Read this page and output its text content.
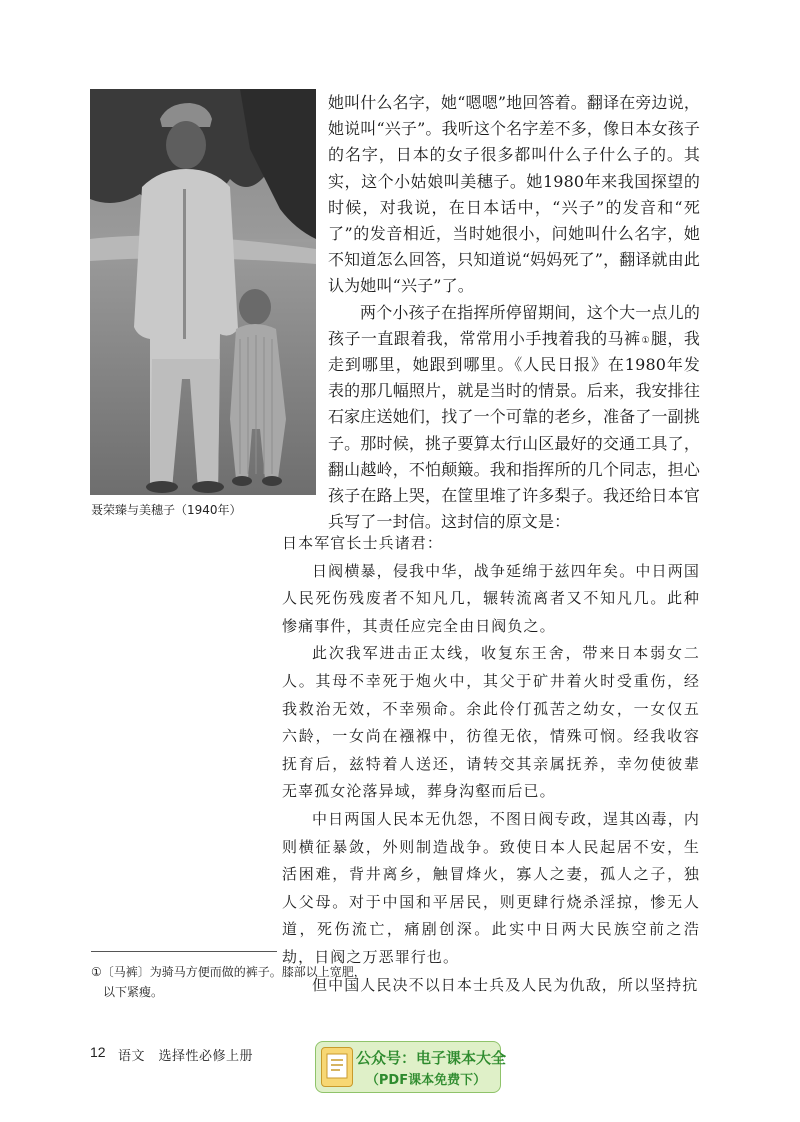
聂荣臻与美穗子（1940年）

她叫什么名字，她“嗯嗯”地回答着。翻译在旁边说，她说叫“兴子”。我听这个名字差不多，像日本女孩子的名字，日本的女子很多都叫什么子什么子的。其实，这个小姑娘叫美穗子。她1980年来我国探望的时候，对我说，在日本话中，“兴子”的发音和“死了”的发音相近，当时她很小，问她叫什么名字，她不知道怎么回答，只知道说“妈妈死了”，翻译就由此认为她叫“兴子”了。

两个小孩子在指挥所停留期间，这个大一点儿的孩子一直跟着我，常常用小手拽着我的马裤①腿，我走到哪里，她跟到哪里。《人民日报》在1980年发表的那几幅照片，就是当时的情景。后来，我安排往石家庄送她们，找了一个可靠的老乡，准备了一副挑子。那时候，挑子要算太行山区最好的交通工具了，翻山越岭，不怕颠簸。我和指挥所的几个同志，担心孩子在路上哭，在筐里堆了许多梨子。我还给日本官兵写了一封信。这封信的原文是：

日本军官长士兵诸君：

日阀横暴，侵我中华，战争延绵于兹四年矣。中日两国人民死伤残废者不知凡几，辗转流离者又不知凡几。此种惨痛事件，其责任应完全由日阀负之。

此次我军进击正太线，收复东王舍，带来日本弱女二人。其母不幸死于炮火中，其父于矿井着火时受重伤，经我救治无效，不幸殒命。余此伶仃孤苦之幼女，一女仅五六龄，一女尚在襁褓中，彷徨无依，情殊可悯。经我收容抚育后，兹特着人送还，请转交其亲属抚养，幸勿使彼辈无辜孤女沦落异域，葬身沟壑而后已。

中日两国人民本无仇怨，不图日阀专政，逞其凶毒，内则横征暴敛，外则制造战争。致使日本人民起居不安，生活困难，背井离乡，触冒烽火，寡人之妻，孤人之子，独人父母。对于中国和平居民，则更肆行烧杀淫掠，惨无人道，死伤流亡，痛剧创深。此实中日两大民族空前之浩劫，日阀之万恶罪行也。

但中国人民决不以日本士兵及人民为仇敌，所以坚持抗

①〔马裤〕为骑马方便而做的裤子。膝部以上宽肥，
以下紧瘦。
12 语文　选择性必修上册	公众号：电子课本大全
（PDF课本免费下）
